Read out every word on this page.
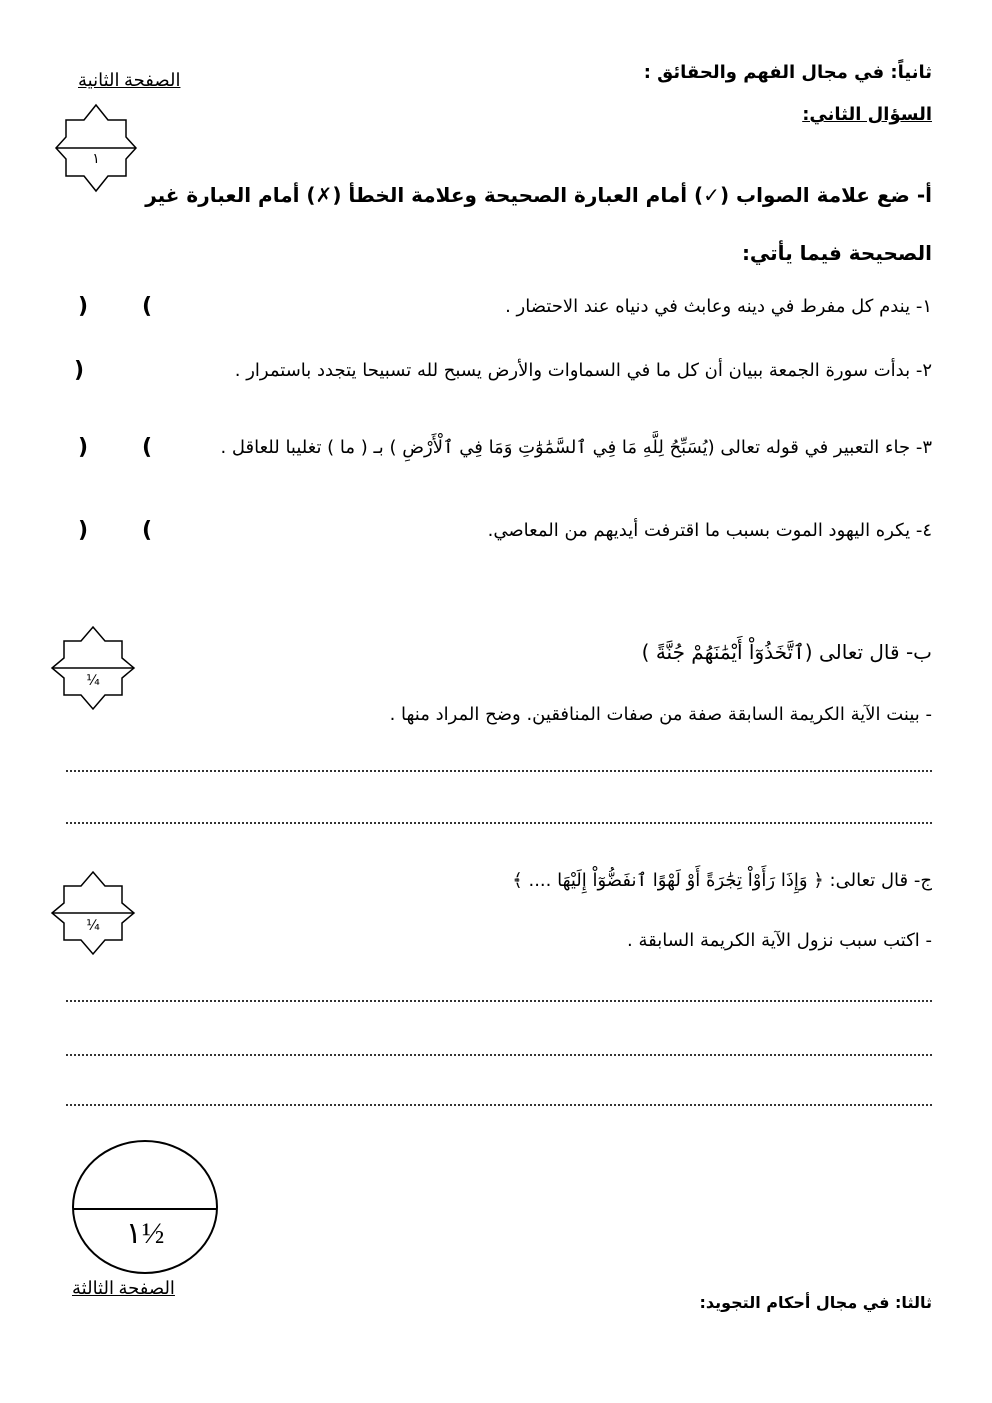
ثانياً: في مجال الفهم والحقائق :
السؤال الثاني:
الصفحة الثانية
١
أ- ضع علامة الصواب (✓) أمام العبارة الصحيحة وعلامة الخطأ (✗) أمام العبارة غير الصحيحة فيما يأتي:
١- يندم كل مفرط في دينه وعابث في دنياه عند الاحتضار .
(
)
٢- بدأت سورة الجمعة ببيان أن كل ما في السماوات والأرض يسبح لله تسبيحا يتجدد باستمرار .
)
٣- جاء التعبير في قوله تعالى (يُسَبِّحُ لِلَّهِ مَا فِي ٱلسَّمَٰوَٰتِ وَمَا فِي ٱلْأَرْضِ ) بـ ( ما ) تغليبا للعاقل .
(
)
٤- يكره اليهود الموت بسبب ما اقترفت أيديهم من المعاصي.
(
)
¼
ب- قال تعالى (ٱتَّخَذُوٓاْ أَيْمَٰنَهُمْ جُنَّةً )
- بينت الآية الكريمة السابقة صفة من صفات المنافقين. وضح المراد منها .
¼
ج- قال تعالى: ﴿ وَإِذَا رَأَوْاْ تِجَٰرَةً أَوْ لَهْوًا ٱنفَضُّوٓاْ إِلَيْهَا .... ﴾
- اكتب سبب نزول الآية الكريمة السابقة .
١½
الصفحة الثالثة
ثالثا: في مجال أحكام التجويد:
